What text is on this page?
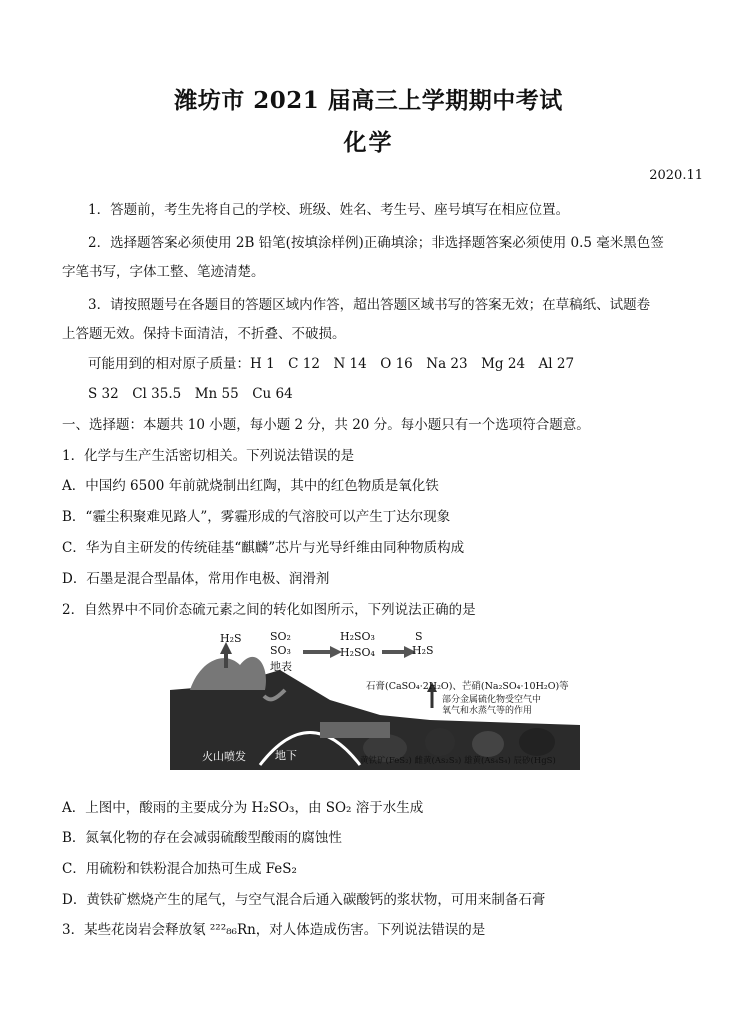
潍坊市 2021 届高三上学期期中考试
化学
2020.11
1．答题前，考生先将自己的学校、班级、姓名、考生号、座号填写在相应位置。
2．选择题答案必须使用 2B 铅笔(按填涂样例)正确填涂；非选择题答案必须使用 0.5 毫米黑色签
字笔书写，字体工整、笔迹清楚。
3．请按照题号在各题目的答题区域内作答，超出答题区域书写的答案无效；在草稿纸、试题卷
上答题无效。保持卡面清洁，不折叠、不破损。
可能用到的相对原子质量：H 1　C 12　N 14　O 16　Na 23　Mg 24　Al 27
S 32　Cl 35.5　Mn 55　Cu 64
一、选择题：本题共 10 小题，每小题 2 分，共 20 分。每小题只有一个选项符合题意。
1．化学与生产生活密切相关。下列说法错误的是
A．中国约 6500 年前就烧制出红陶，其中的红色物质是氧化铁
B．“霾尘积聚难见路人”，雾霾形成的气溶胶可以产生丁达尔现象
C．华为自主研发的传统硅基“麒麟”芯片与光导纤维由同种物质构成
D．石墨是混合型晶体，常用作电极、润滑剂
2．自然界中不同价态硫元素之间的转化如图所示，下列说法正确的是
H₂S	SO₂
SO₃
地表
H₂SO₃
H₂SO₄
S
H₂S
石膏(CaSO₄·2H₂O)、芒硝(Na₂SO₄·10H₂O)等
部分金属硫化物受空气中
氧气和水蒸气等的作用
火山喷发	地下	黄铁矿(FeS₂) 雌黄(As₂S₃) 雄黄(As₄S₄) 辰砂(HgS)
A．上图中，酸雨的主要成分为 H₂SO₃，由 SO₂ 溶于水生成
B．氮氧化物的存在会减弱硫酸型酸雨的腐蚀性
C．用硫粉和铁粉混合加热可生成 FeS₂
D．黄铁矿燃烧产生的尾气，与空气混合后通入碳酸钙的浆状物，可用来制备石膏
3．某些花岗岩会释放氡 ²²²₈₆Rn，对人体造成伤害。下列说法错误的是
